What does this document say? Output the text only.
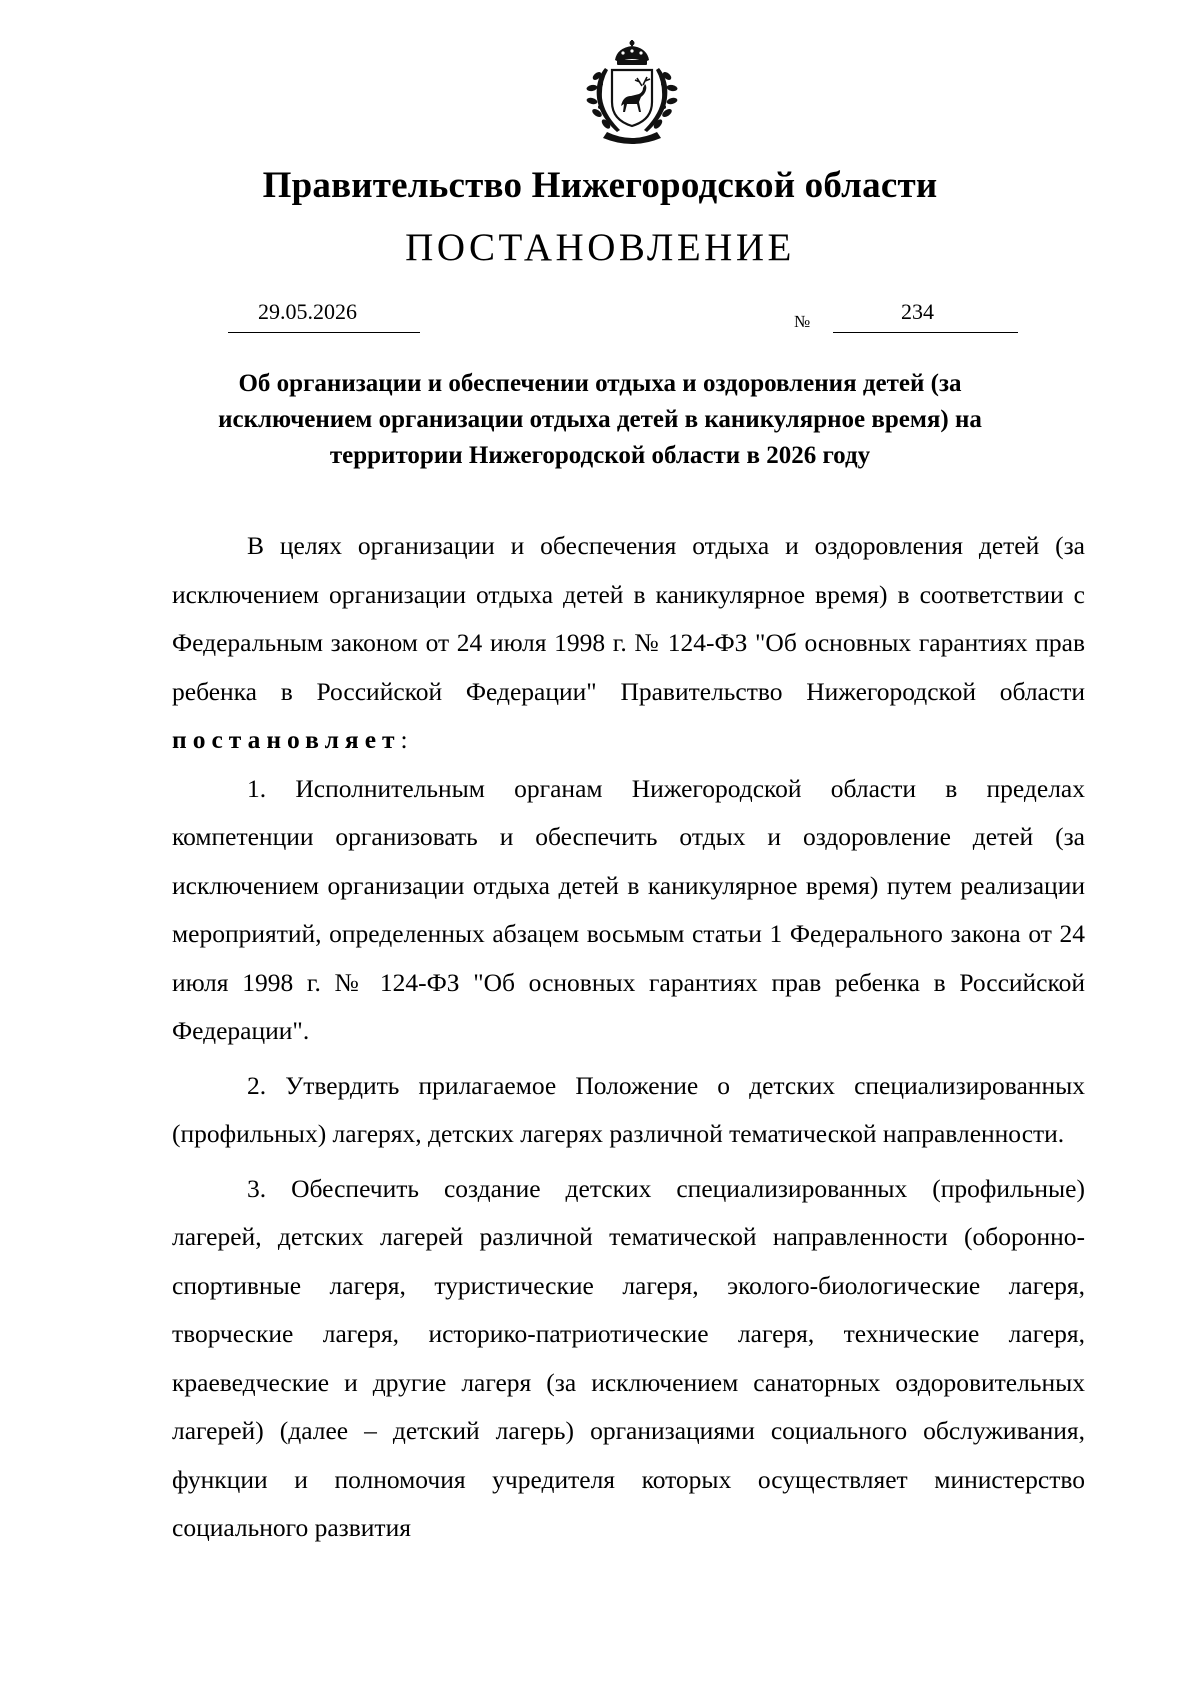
Правительство Нижегородской области
ПОСТАНОВЛЕНИЕ
29.05.2026	№	234
Об организации и обеспечении отдыха и оздоровления детей (за исключением организации отдыха детей в каникулярное время) на территории Нижегородской области в 2026 году

В целях организации и обеспечения отдыха и оздоровления детей (за исключением организации отдыха детей в каникулярное время) в соответствии с Федеральным законом от 24 июля 1998 г. № 124-ФЗ "Об основных гарантиях прав ребенка в Российской Федерации" Правительство Нижегородской области постановляет:

1. Исполнительным органам Нижегородской области в пределах компетенции организовать и обеспечить отдых и оздоровление детей (за исключением организации отдыха детей в каникулярное время) путем реализации мероприятий, определенных абзацем восьмым статьи 1 Федерального закона от 24 июля 1998 г. № 124-ФЗ "Об основных гарантиях прав ребенка в Российской Федерации".

2. Утвердить прилагаемое Положение о детских специализированных (профильных) лагерях, детских лагерях различной тематической направленности.

3. Обеспечить создание детских специализированных (профильные) лагерей, детских лагерей различной тематической направленности (оборонно-спортивные лагеря, туристические лагеря, эколого-биологические лагеря, творческие лагеря, историко-патриотические лагеря, технические лагеря, краеведческие и другие лагеря (за исключением санаторных оздоровительных лагерей) (далее – детский лагерь) организациями социального обслуживания, функции и полномочия учредителя которых осуществляет министерство социального развития
